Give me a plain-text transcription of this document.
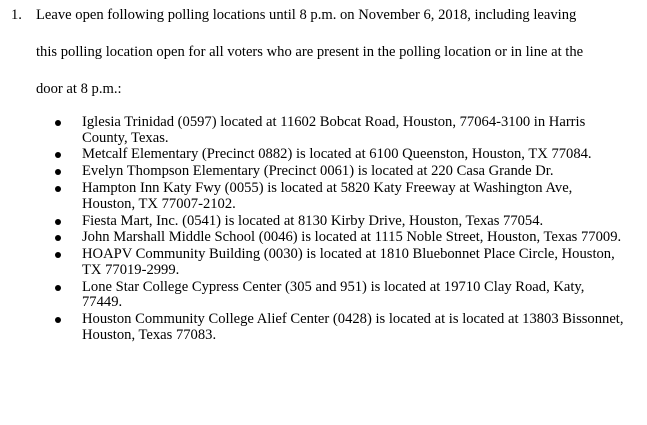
1. Leave open following polling locations until 8 p.m. on November 6, 2018, including leaving
this polling location open for all voters who are present in the polling location or in line at the
door at 8 p.m.:
Iglesia Trinidad (0597) located at 11602 Bobcat Road, Houston, 77064-3100 in Harris County, Texas.
Metcalf Elementary (Precinct 0882) is located at 6100 Queenston, Houston, TX 77084.
Evelyn Thompson Elementary (Precinct 0061) is located at 220 Casa Grande Dr.
Hampton Inn Katy Fwy (0055) is located at 5820 Katy Freeway at Washington Ave, Houston, TX 77007-2102.
Fiesta Mart, Inc. (0541) is located at 8130 Kirby Drive, Houston, Texas 77054.
John Marshall Middle School (0046) is located at 1115 Noble Street, Houston, Texas 77009.
HOAPV Community Building (0030) is located at 1810 Bluebonnet Place Circle, Houston, TX 77019-2999.
Lone Star College Cypress Center (305 and 951) is located at 19710 Clay Road, Katy, 77449.
Houston Community College Alief Center (0428) is located at is located at 13803 Bissonnet, Houston, Texas 77083.
